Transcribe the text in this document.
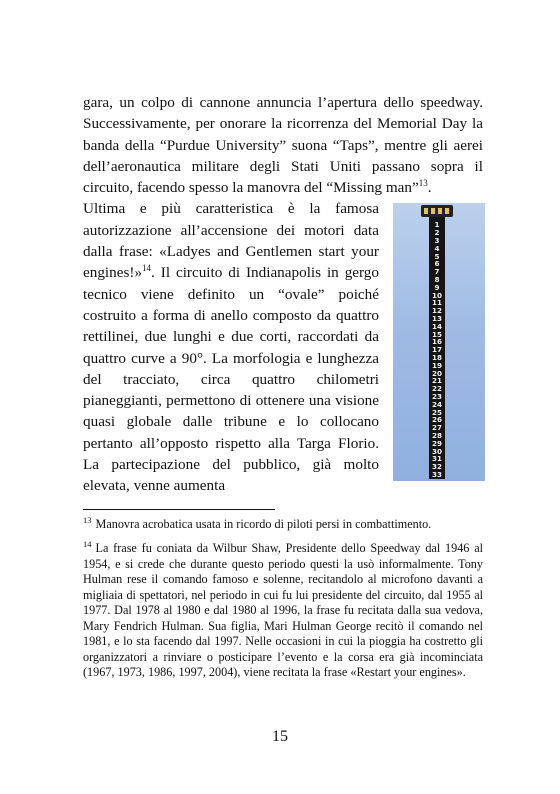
gara, un colpo di cannone annuncia l’apertura dello speedway. Successivamente, per onorare la ricorrenza del Memorial Day la banda della “Purdue University” suona “Taps”, mentre gli aerei dell’aeronautica militare degli Stati Uniti passano sopra il circuito, facendo spesso la manovra del “Missing man”$^{13}$.

1
2
3
4
5
6
7
8
9
10
11
12
13
14
15
16
17
18
19
20
21
22
23
24
25
26
27
28
29
30
31
32
33

Ultima e più caratteristica è la famosa autorizzazione all’accensione dei motori data dalla frase: «Ladyes and Gentlemen start your engines!»$^{14}$. Il circuito di Indianapolis in gergo tecnico viene definito un “ovale” poiché costruito a forma di anello composto da quattro rettilinei, due lunghi e due corti, raccordati da quattro curve a 90°. La morfologia e lunghezza del tracciato, circa quattro chilometri pianeggianti, permettono di ottenere una visione quasi globale dalle tribune e lo collocano pertanto all’opposto rispetto alla Targa Florio. La partecipazione del pubblico, già molto elevata, venne aumenta

$^{13}$ Manovra acrobatica usata in ricordo di piloti persi in combattimento.
$^{14}$ La frase fu coniata da Wilbur Shaw, Presidente dello Speedway dal 1946 al 1954, e si crede che durante questo periodo questi la usò informalmente. Tony Hulman rese il comando famoso e solenne, recitandolo al microfono davanti a migliaia di spettatori, nel periodo in cui fu lui presidente del circuito, dal 1955 al 1977. Dal 1978 al 1980 e dal 1980 al 1996, la frase fu recitata dalla sua vedova, Mary Fendrich Hulman. Sua figlia, Mari Hulman George recitò il comando nel 1981, e lo sta facendo dal 1997. Nelle occasioni in cui la pioggia ha costretto gli organizzatori a rinviare o posticipare l’evento e la corsa era già incominciata (1967, 1973, 1986, 1997, 2004), viene recitata la frase «Restart your engines».
15
